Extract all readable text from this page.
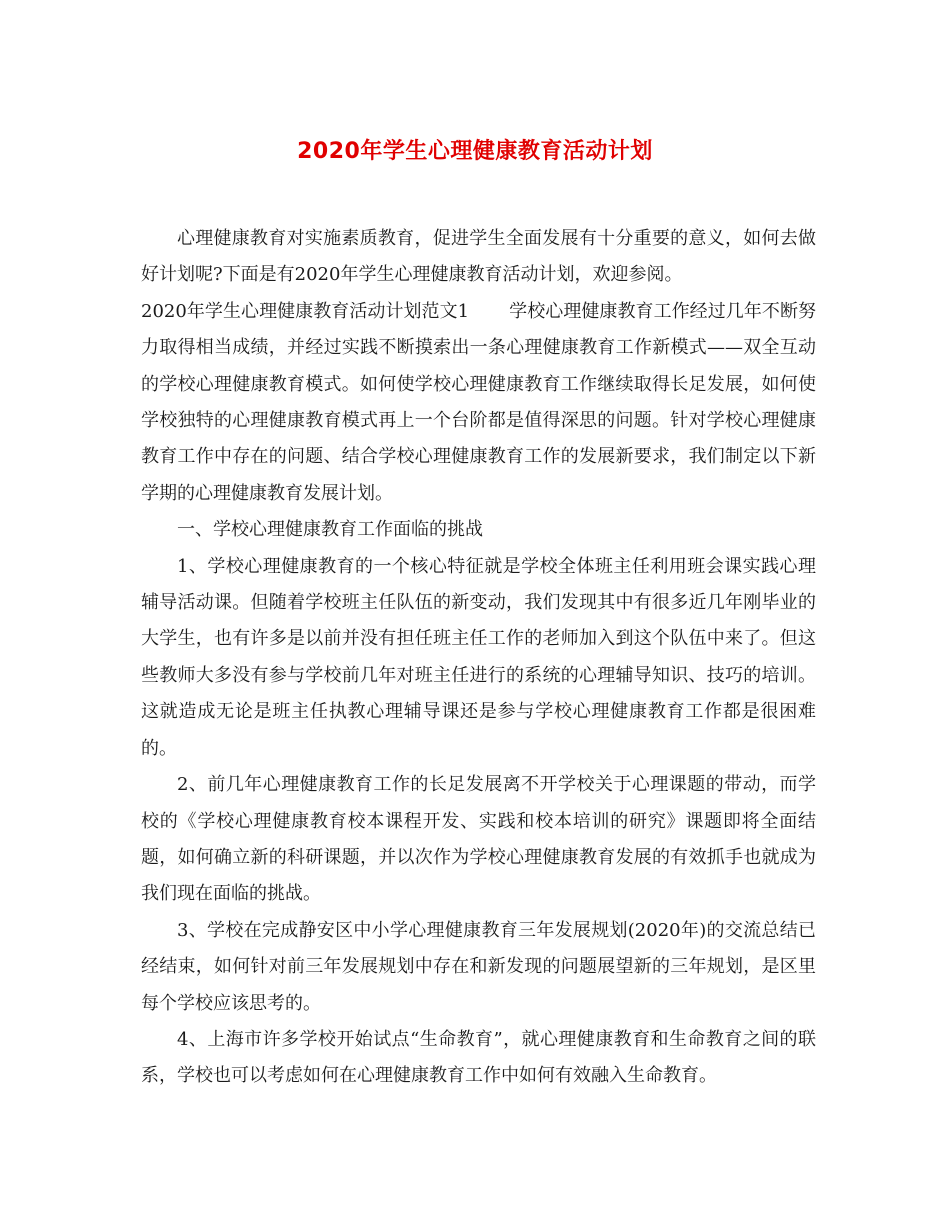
2020年学生心理健康教育活动计划

心理健康教育对实施素质教育，促进学生全面发展有十分重要的意义，如何去做好计划呢?下面是有2020年学生心理健康教育活动计划，欢迎参阅。

2020年学生心理健康教育活动计划范文1 学校心理健康教育工作经过几年不断努力取得相当成绩，并经过实践不断摸索出一条心理健康教育工作新模式——双全互动的学校心理健康教育模式。如何使学校心理健康教育工作继续取得长足发展，如何使学校独特的心理健康教育模式再上一个台阶都是值得深思的问题。针对学校心理健康教育工作中存在的问题、结合学校心理健康教育工作的发展新要求，我们制定以下新学期的心理健康教育发展计划。

一、学校心理健康教育工作面临的挑战

1、学校心理健康教育的一个核心特征就是学校全体班主任利用班会课实践心理辅导活动课。但随着学校班主任队伍的新变动，我们发现其中有很多近几年刚毕业的大学生，也有许多是以前并没有担任班主任工作的老师加入到这个队伍中来了。但这些教师大多没有参与学校前几年对班主任进行的系统的心理辅导知识、技巧的培训。这就造成无论是班主任执教心理辅导课还是参与学校心理健康教育工作都是很困难的。

2、前几年心理健康教育工作的长足发展离不开学校关于心理课题的带动，而学校的《学校心理健康教育校本课程开发、实践和校本培训的研究》课题即将全面结题，如何确立新的科研课题，并以次作为学校心理健康教育发展的有效抓手也就成为我们现在面临的挑战。

3、学校在完成静安区中小学心理健康教育三年发展规划(2020年)的交流总结已经结束，如何针对前三年发展规划中存在和新发现的问题展望新的三年规划，是区里每个学校应该思考的。

4、上海市许多学校开始试点“生命教育”，就心理健康教育和生命教育之间的联系，学校也可以考虑如何在心理健康教育工作中如何有效融入生命教育。
